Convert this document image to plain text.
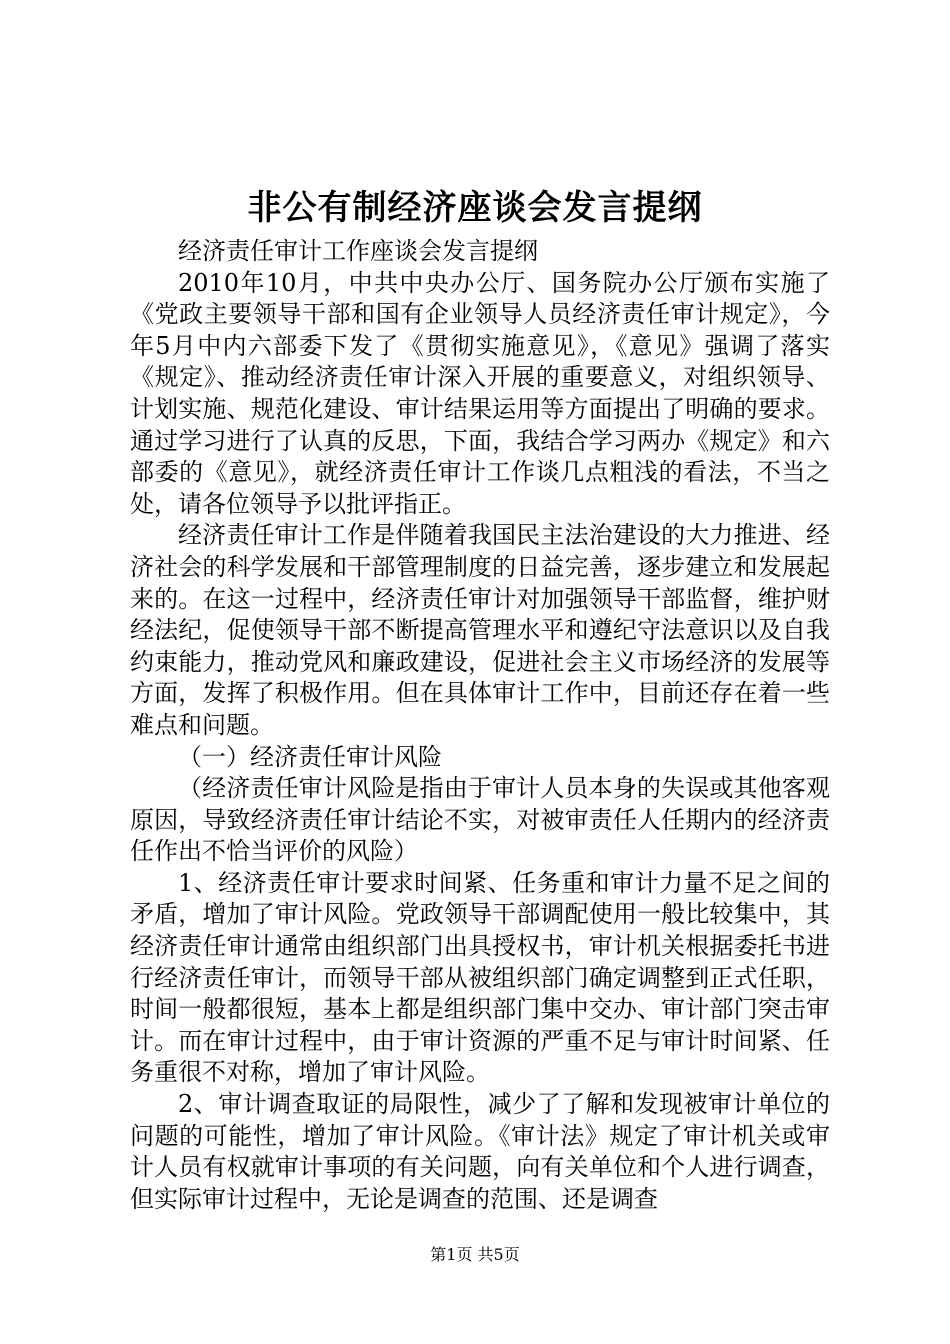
非公有制经济座谈会发言提纲

经济责任审计工作座谈会发言提纲

2010年10月，中共中央办公厅、国务院办公厅颁布实施了《党政主要领导干部和国有企业领导人员经济责任审计规定》，今年5月中内六部委下发了《贯彻实施意见》，《意见》强调了落实《规定》、推动经济责任审计深入开展的重要意义，对组织领导、计划实施、规范化建设、审计结果运用等方面提出了明确的要求。通过学习进行了认真的反思，下面，我结合学习两办《规定》和六部委的《意见》，就经济责任审计工作谈几点粗浅的看法，不当之处，请各位领导予以批评指正。

经济责任审计工作是伴随着我国民主法治建设的大力推进、经济社会的科学发展和干部管理制度的日益完善，逐步建立和发展起来的。在这一过程中，经济责任审计对加强领导干部监督，维护财经法纪，促使领导干部不断提高管理水平和遵纪守法意识以及自我约束能力，推动党风和廉政建设，促进社会主义市场经济的发展等方面，发挥了积极作用。但在具体审计工作中，目前还存在着一些难点和问题。

（一）经济责任审计风险

（经济责任审计风险是指由于审计人员本身的失误或其他客观原因，导致经济责任审计结论不实，对被审责任人任期内的经济责任作出不恰当评价的风险）

1、经济责任审计要求时间紧、任务重和审计力量不足之间的矛盾，增加了审计风险。党政领导干部调配使用一般比较集中，其经济责任审计通常由组织部门出具授权书，审计机关根据委托书进行经济责任审计，而领导干部从被组织部门确定调整到正式任职，时间一般都很短，基本上都是组织部门集中交办、审计部门突击审计。而在审计过程中，由于审计资源的严重不足与审计时间紧、任务重很不对称，增加了审计风险。

2、审计调查取证的局限性，减少了了解和发现被审计单位的问题的可能性，增加了审计风险。《审计法》规定了审计机关或审计人员有权就审计事项的有关问题，向有关单位和个人进行调查，但实际审计过程中，无论是调查的范围、还是调查

第1页 共5页
